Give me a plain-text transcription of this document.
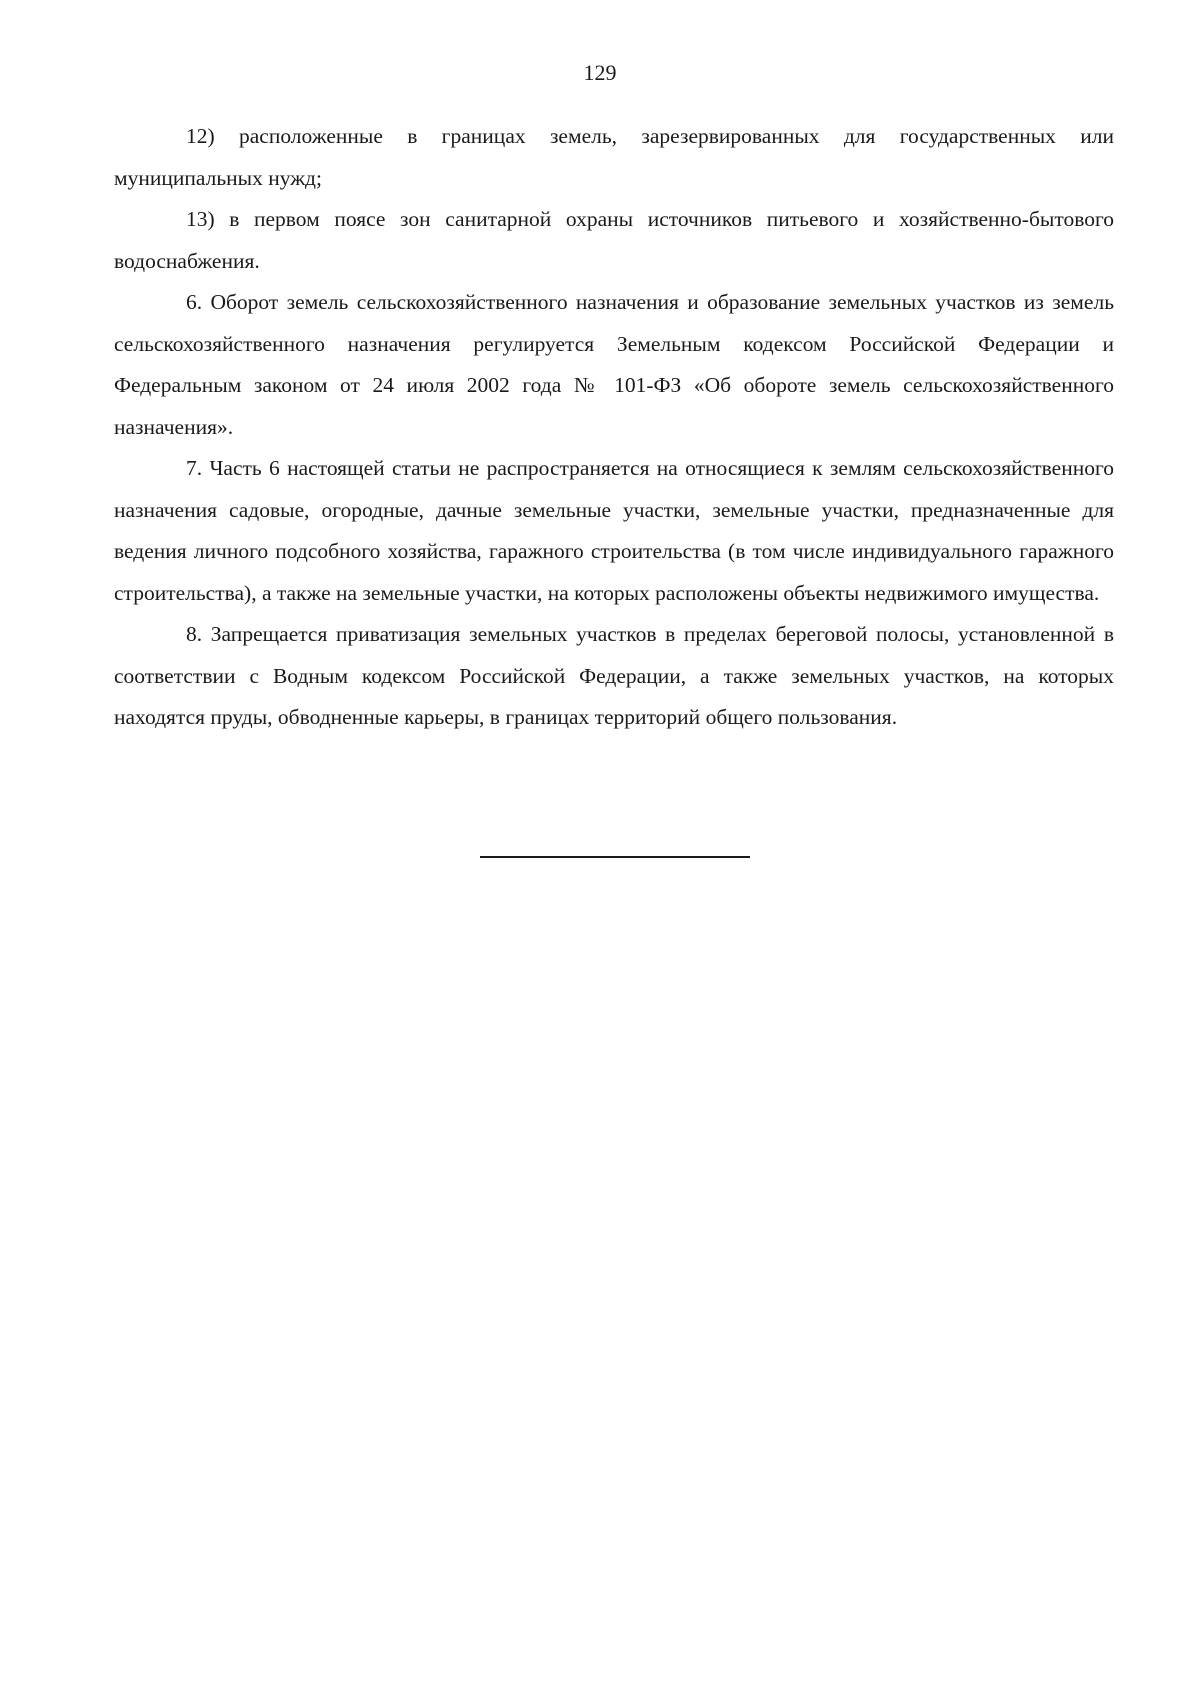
129

12) расположенные в границах земель, зарезервированных для государственных или муниципальных нужд;

13) в первом поясе зон санитарной охраны источников питьевого и хозяйственно-бытового водоснабжения.

6. Оборот земель сельскохозяйственного назначения и образование земельных участков из земель сельскохозяйственного назначения регулируется Земельным кодексом Российской Федерации и Федеральным законом от 24 июля 2002 года № 101-ФЗ «Об обороте земель сельскохозяйственного назначения».

7. Часть 6 настоящей статьи не распространяется на относящиеся к землям сельскохозяйственного назначения садовые, огородные, дачные земельные участки, земельные участки, предназначенные для ведения личного подсобного хозяйства, гаражного строительства (в том числе индивидуального гаражного строительства), а также на земельные участки, на которых расположены объекты недвижимого имущества.

8. Запрещается приватизация земельных участков в пределах береговой полосы, установленной в соответствии с Водным кодексом Российской Федерации, а также земельных участков, на которых находятся пруды, обводненные карьеры, в границах территорий общего пользования.
